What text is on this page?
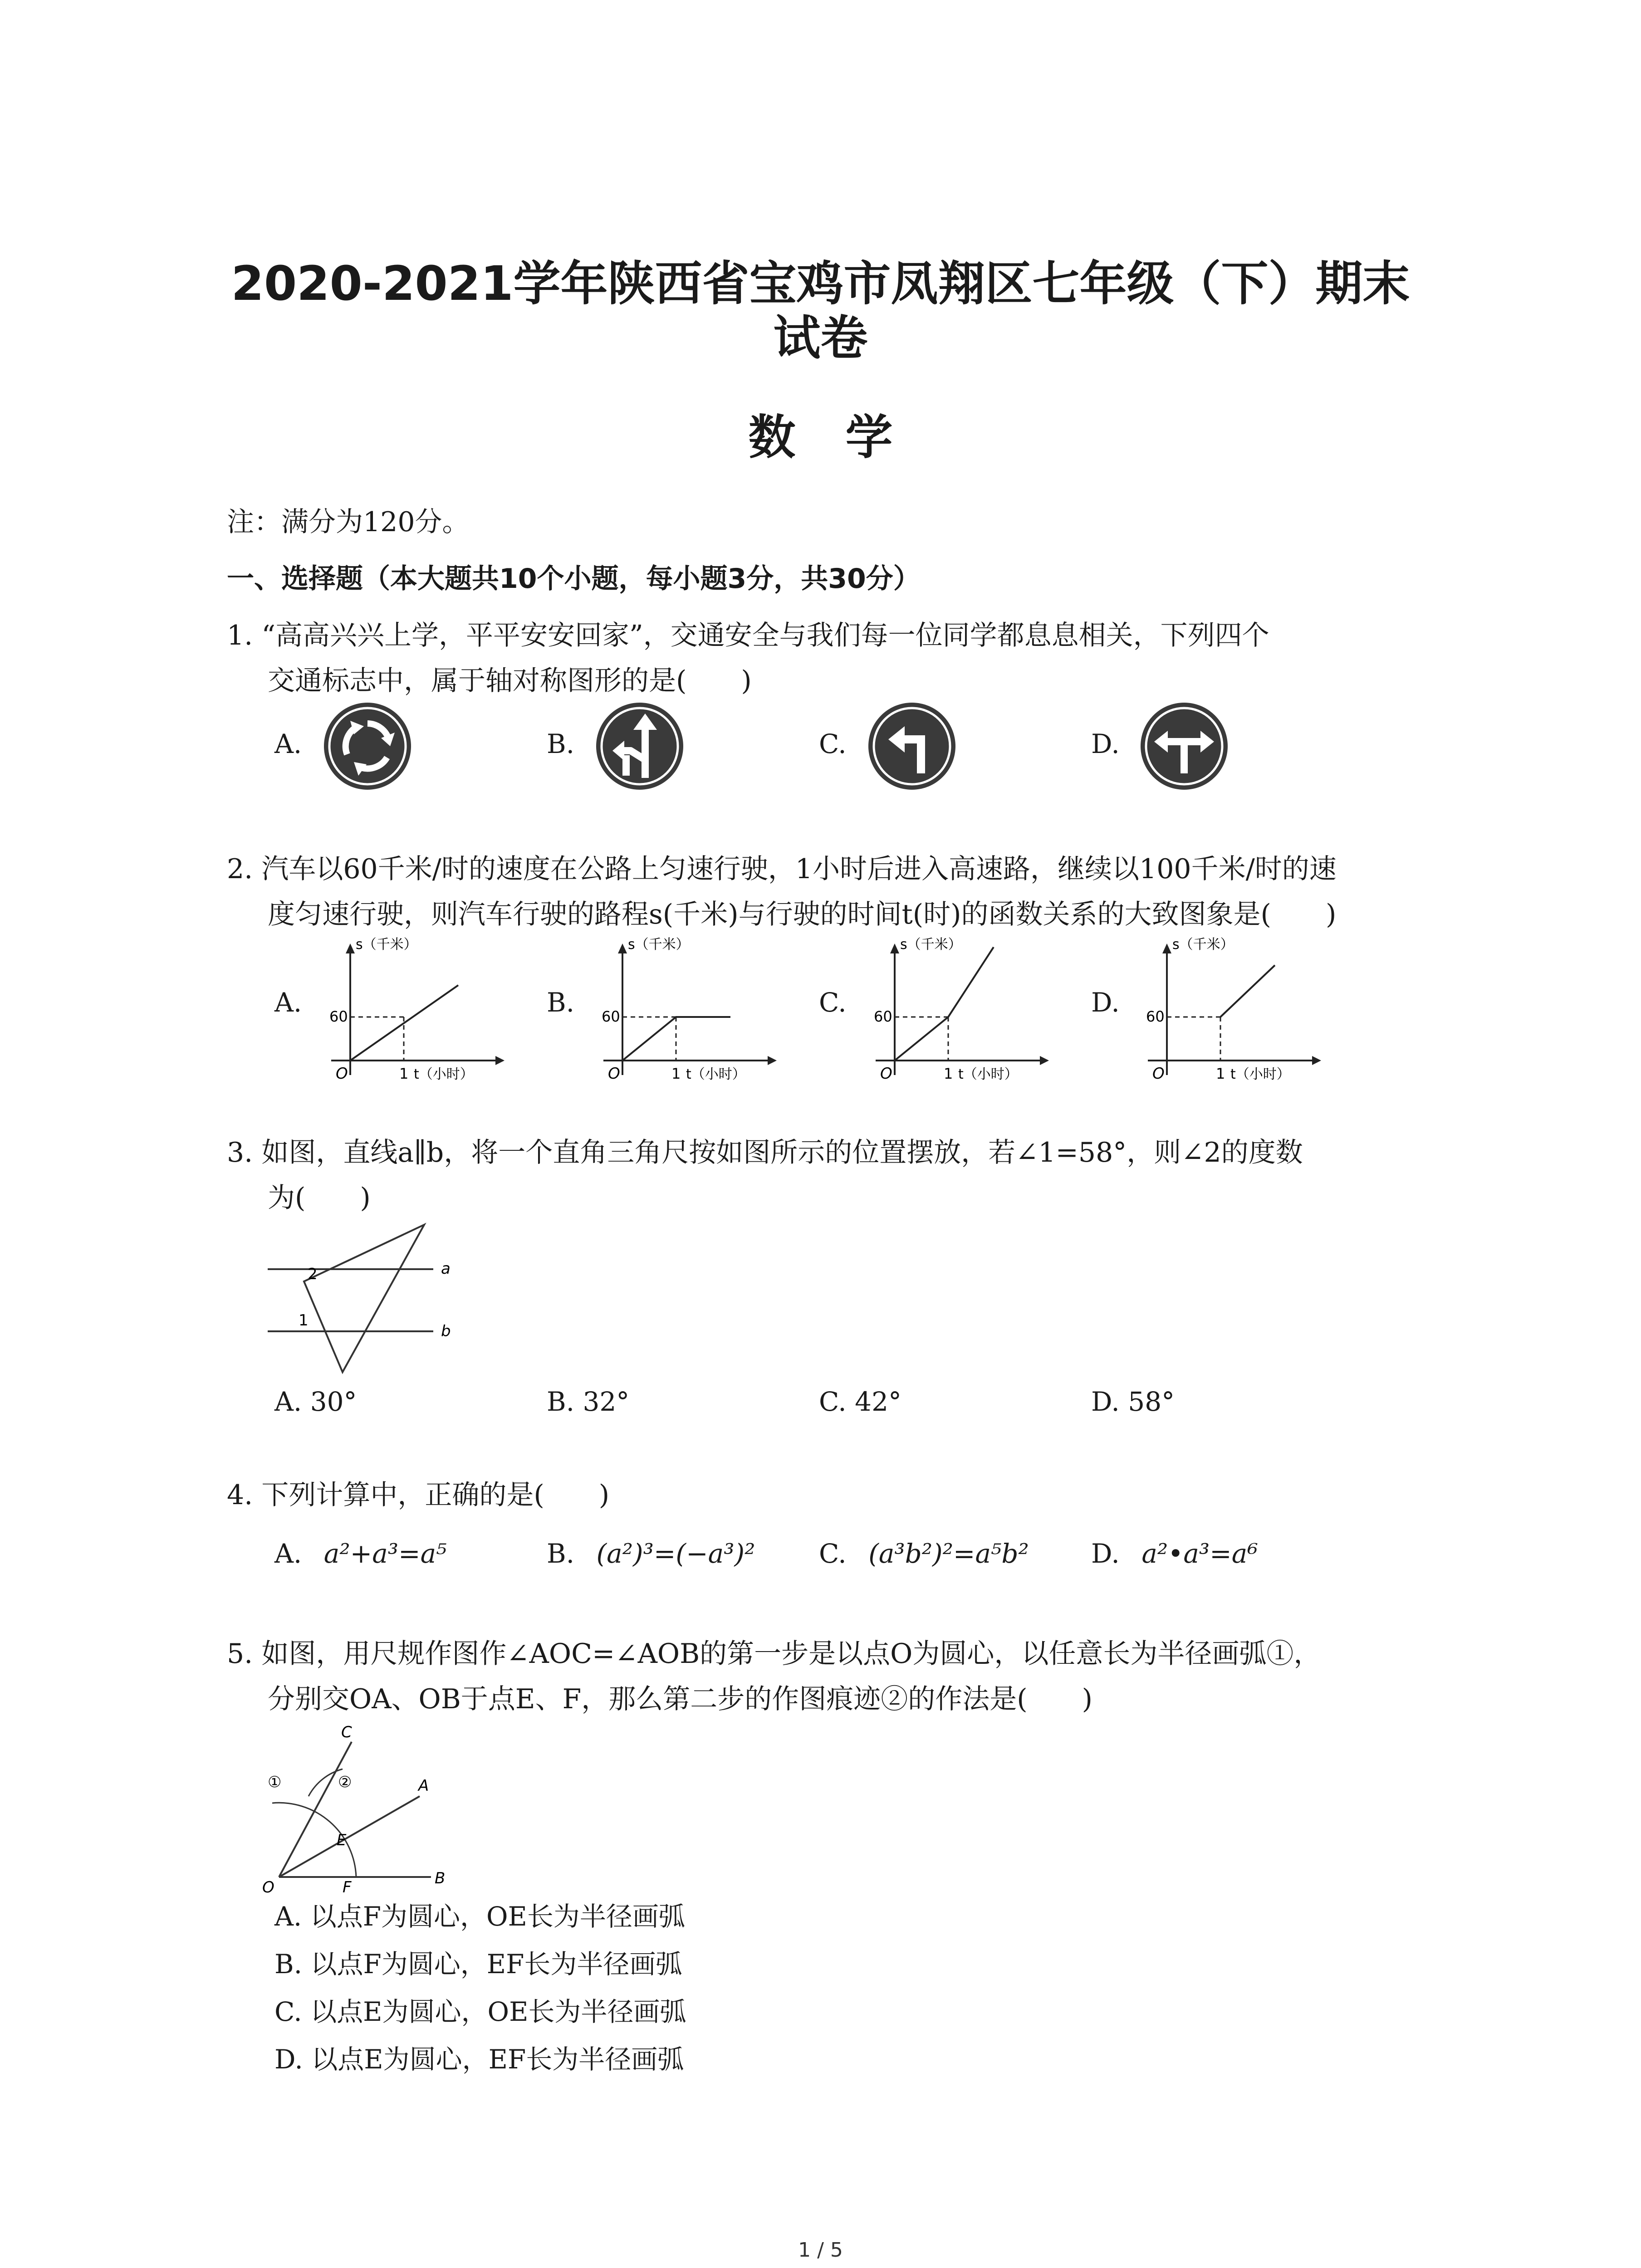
2020-2021学年陕西省宝鸡市凤翔区七年级（下）期末
试卷
数学
注：满分为120分。
一、选择题（本大题共10个小题，每小题3分，共30分）
1. “高高兴兴上学，平平安安回家”，交通安全与我们每一位同学都息息相关，下列四个
交通标志中，属于轴对称图形的是(　　)
A.	B.	C.	D.
2. 汽车以60千米/时的速度在公路上匀速行驶，1小时后进入高速路，继续以100千米/时的速
度匀速行驶，则汽车行驶的路程s(千米)与行驶的时间t(时)的函数关系的大致图象是(　　)
A.	B.	C.	D.
s（千米）
60
O	1 t（小时）
s（千米）
60
O	1 t（小时）
s（千米）
60
O	1 t（小时）
s（千米）
60
O	1 t（小时）
3. 如图，直线a∥b，将一个直角三角尺按如图所示的位置摆放，若∠1=58°，则∠2的度数
为(　　)
a
b
2
1
A. 30°	B. 32°	C. 42°	D. 58°
4. 下列计算中，正确的是(　　)
A. a²+a³=a⁵	B. (a²)³=(−a³)² C. (a³b²)²=a⁵b² D. a²•a³=a⁶
5. 如图，用尺规作图作∠AOC=∠AOB的第一步是以点O为圆心，以任意长为半径画弧①，
分别交OA、OB于点E、F，那么第二步的作图痕迹②的作法是(　　)
C
A
B
O
E
F
①	②
A. 以点F为圆心，OE长为半径画弧
B. 以点F为圆心，EF长为半径画弧
C. 以点E为圆心，OE长为半径画弧
D. 以点E为圆心，EF长为半径画弧
1 / 5
